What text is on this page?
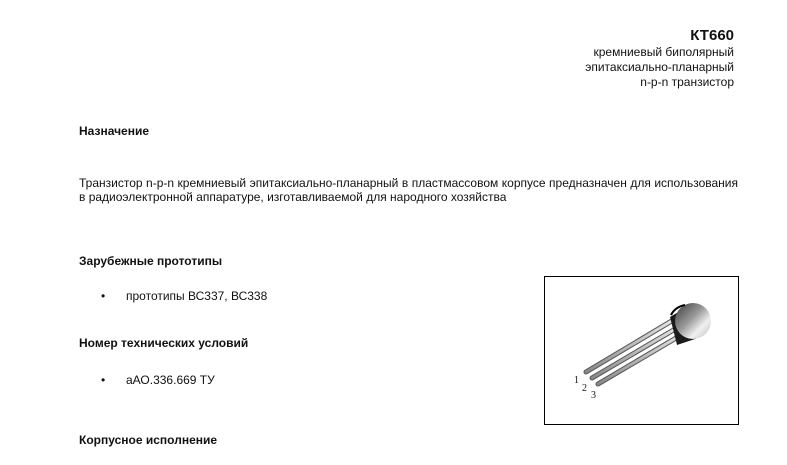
КТ660
кремниевый биполярный
эпитаксиально-планарный
n-p-n транзистор
Назначение
Транзистор n-p-n кремниевый эпитаксиально-планарный в пластмассовом корпусе предназначен для использования в радиоэлектронной аппаратуре, изготавливаемой для народного хозяйства
Зарубежные прототипы
• прототипы ВС337, ВС338
Номер технических условий
• аАО.336.669 ТУ
Корпусное исполнение
1
2
3
